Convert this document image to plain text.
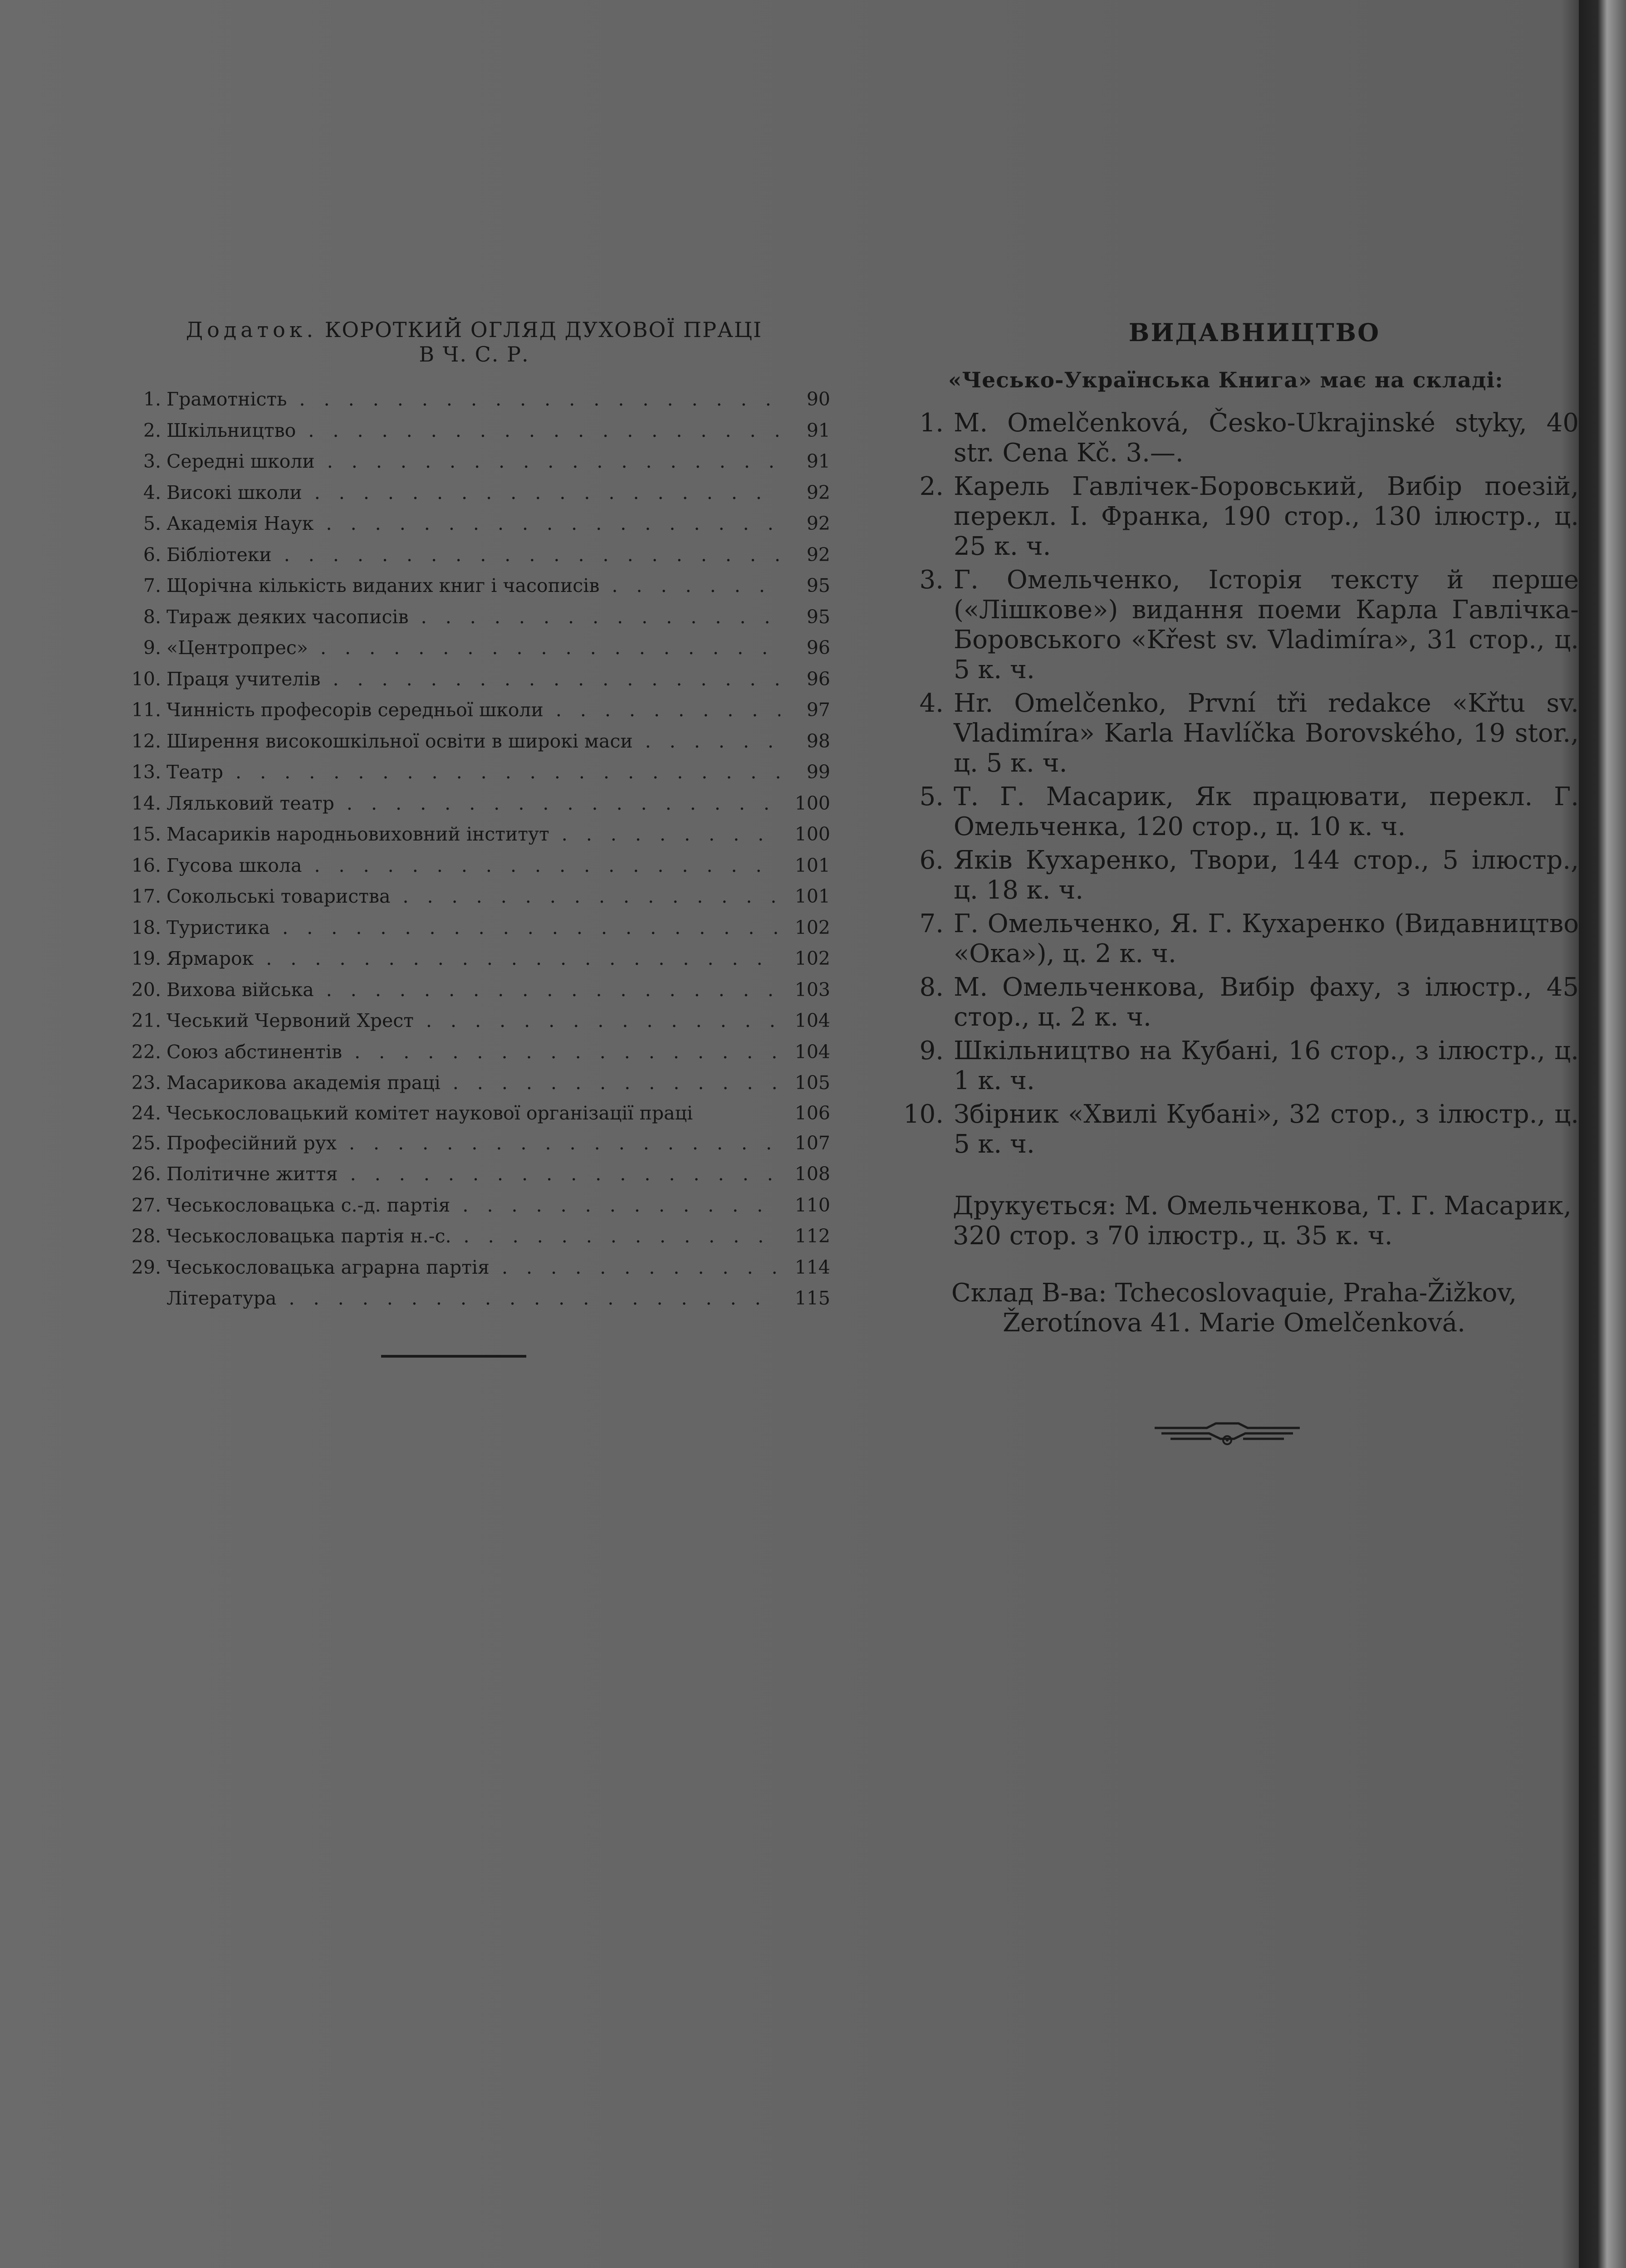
Додаток. КОРОТКИЙ ОГЛЯД ДУХОВОЇ ПРАЦІ
В Ч. С. Р.
1. Грамотність . . .	90
2. Шкільництво . . .	91
3. Середні школи . . .	91
4. Високі школи . . .	92
5. Академія Наук . . .	92
6. Бібліотеки . . .	92
7. Щорічна кількість виданих книг і часописів . . .	95
8. Тираж деяких часописів . . .	95
9. «Центропрес» . . .	96
10. Праця учителів . . .	96
11. Чинність професорів середньої школи . . .	97
12. Ширення високошкільної освіти в широкі маси . . .	98
13. Театр . . .	99
14. Ляльковий театр . . .	100
15. Масариків народньовиховний інститут . . .	100
16. Гусова школа . . .	101
17. Сокольські товариства . . .	101
18. Туристика . . .	102
19. Ярмарок . . .	102
20. Вихова війська . . .	103
21. Чеський Червоний Хрест . . .	104
22. Союз абстинентів . . .	104
23. Масарикова академія праці . . .	105
24. Чеськословацький комітет наукової організації праці	106
25. Професійний рух . . .	107
26. Політичне життя . . .	108
27. Чеськословацька с.-д. партія . . .	110
28. Чеськословацька партія н.-с. . . .	112
29. Чеськословацька аграрна партія . . .	114
Література . . .	115
ВИДАВНИЦТВО
«Чесько-Українська Книга» має на складі:
1. M. Omelčenková, Česko-Ukrajinské styky, 40 str. Cena Kč. 3.—.
2. Карель Гавлічек-Боровський, Вибір поезій, перекл. І. Франка, 190 стор., 130 ілюстр., ц. 25 к. ч.
3. Г. Омельченко, Історія тексту й перше («Лішкове») видання поеми Карла Гавлічка-Боровського «Křest sv. Vladimíra», 31 стор., ц. 5 к. ч.
4. Hr. Omelčenko, První tři redakce «Křtu sv. Vladimíra» Karla Havlíčka Borovského, 19 stor., ц. 5 к. ч.
5. Т. Г. Масарик, Як працювати, перекл. Г. Омельченка, 120 стор., ц. 10 к. ч.
6. Яків Кухаренко, Твори, 144 стор., 5 ілюстр., ц. 18 к. ч.
7. Г. Омельченко, Я. Г. Кухаренко (Видавництво «Ока»), ц. 2 к. ч.
8. М. Омельченкова, Вибір фаху, з ілюстр., 45 стор., ц. 2 к. ч.
9. Шкільництво на Кубані, 16 стор., з ілюстр., ц. 1 к. ч.
10. Збірник «Хвилі Кубані», 32 стор., з ілюстр., ц. 5 к. ч.
Друкується: М. Омельченкова, Т. Г. Масарик, 320 стор. з 70 ілюстр., ц. 35 к. ч.
Склад В-ва: Tchecoslovaquie, Praha-Žižkov, Žerotínova 41. Marie Omelčenková.
